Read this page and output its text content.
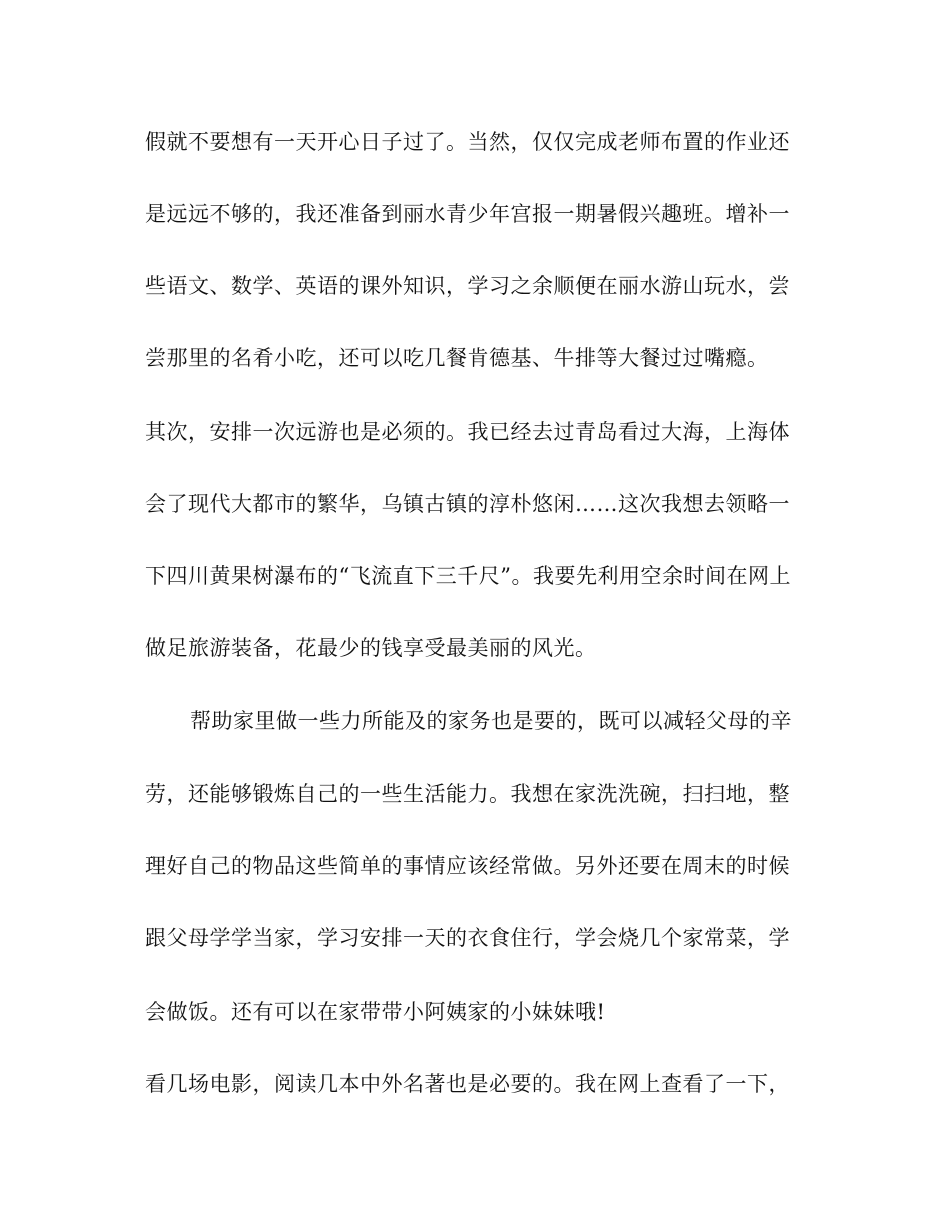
假就不要想有一天开心日子过了。当然，仅仅完成老师布置的作业还
是远远不够的，我还准备到丽水青少年宫报一期暑假兴趣班。增补一
些语文、数学、英语的课外知识，学习之余顺便在丽水游山玩水，尝
尝那里的名肴小吃，还可以吃几餐肯德基、牛排等大餐过过嘴瘾。
其次，安排一次远游也是必须的。我已经去过青岛看过大海，上海体
会了现代大都市的繁华，乌镇古镇的淳朴悠闲……这次我想去领略一
下四川黄果树瀑布的“飞流直下三千尺”。我要先利用空余时间在网上
做足旅游装备，花最少的钱享受最美丽的风光。
帮助家里做一些力所能及的家务也是要的，既可以减轻父母的辛
劳，还能够锻炼自己的一些生活能力。我想在家洗洗碗，扫扫地，整
理好自己的物品这些简单的事情应该经常做。另外还要在周末的时候
跟父母学学当家，学习安排一天的衣食住行，学会烧几个家常菜，学
会做饭。还有可以在家带带小阿姨家的小妹妹哦!
看几场电影，阅读几本中外名著也是必要的。我在网上查看了一下，
